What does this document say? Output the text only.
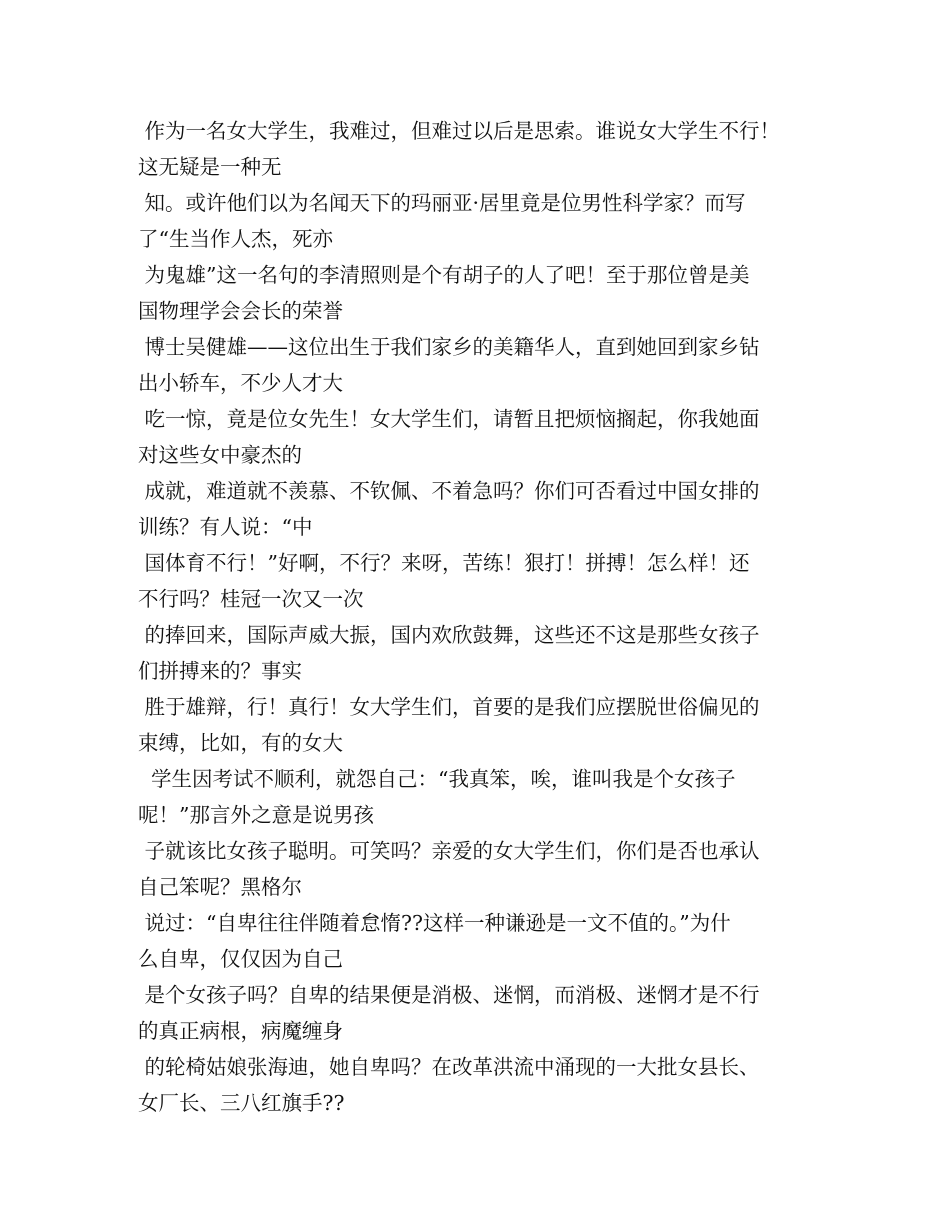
作为一名女大学生，我难过，但难过以后是思索。谁说女大学生不行！
这无疑是一种无
知。或许他们以为名闻天下的玛丽亚·居里竟是位男性科学家？而写
了“生当作人杰，死亦
为鬼雄”这一名句的李清照则是个有胡子的人了吧！至于那位曾是美
国物理学会会长的荣誉
博士吴健雄——这位出生于我们家乡的美籍华人，直到她回到家乡钻
出小轿车，不少人才大
吃一惊，竟是位女先生！女大学生们，请暂且把烦恼搁起，你我她面
对这些女中豪杰的
成就，难道就不羡慕、不钦佩、不着急吗？你们可否看过中国女排的
训练？有人说：“中
国体育不行！”好啊，不行？来呀，苦练！狠打！拼搏！怎么样！还
不行吗？桂冠一次又一次
的捧回来，国际声威大振，国内欢欣鼓舞，这些还不这是那些女孩子
们拼搏来的？事实
胜于雄辩，行！真行！女大学生们，首要的是我们应摆脱世俗偏见的
束缚，比如，有的女大
学生因考试不顺利，就怨自己：“我真笨，唉，谁叫我是个女孩子
呢！”那言外之意是说男孩
子就该比女孩子聪明。可笑吗？亲爱的女大学生们，你们是否也承认
自己笨呢？黑格尔
说过：“自卑往往伴随着怠惰??这样一种谦逊是一文不值的。”为什
么自卑，仅仅因为自己
是个女孩子吗？自卑的结果便是消极、迷惘，而消极、迷惘才是不行
的真正病根，病魔缠身
的轮椅姑娘张海迪，她自卑吗？在改革洪流中涌现的一大批女县长、
女厂长、三八红旗手??
